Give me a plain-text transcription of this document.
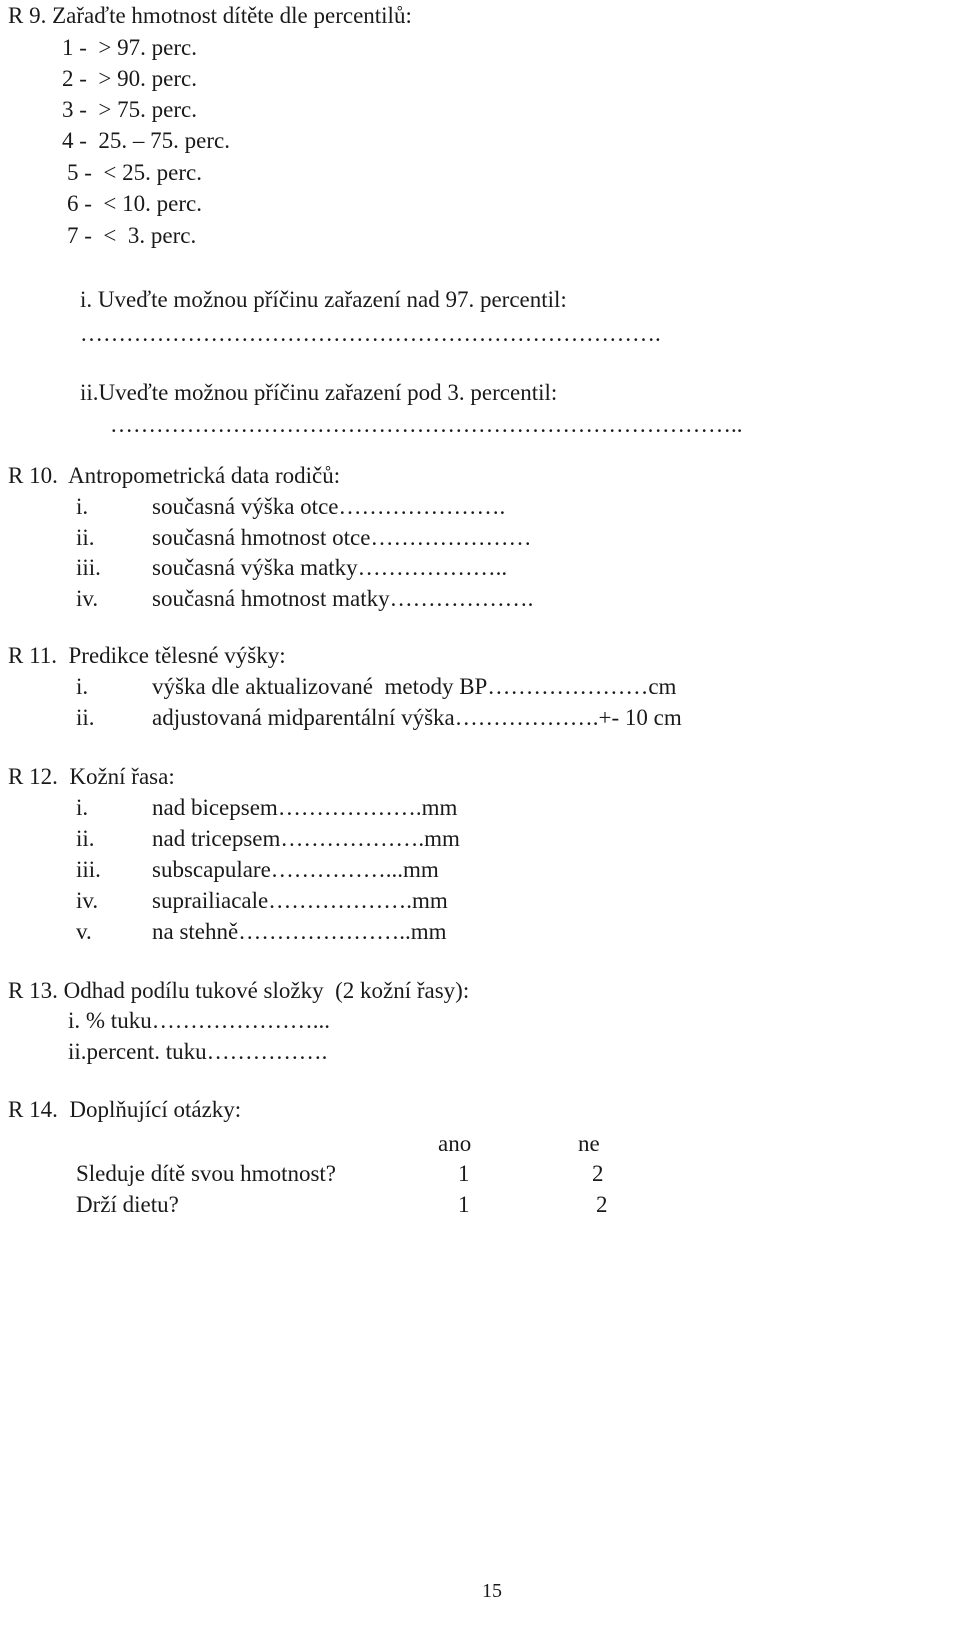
R 9. Zařaďte hmotnost dítěte dle percentilů:
1 -  > 97. perc.
2 -  > 90. perc.
3 -  > 75. perc.
4 -  25. – 75. perc.
5 -  < 25. perc.
6 -  < 10. perc.
7 -  <  3. perc.
i. Uveďte možnou příčinu zařazení nad 97. percentil:
………………………………………………………………….
ii.Uveďte možnou příčinu zařazení pod 3. percentil:
………………………………………………………………………..
R 10.  Antropometrická data rodičů:
i.	současná výška otce………………….
ii. současná hmotnost otce…………………
iii. současná výška matky………………..
iv. současná hmotnost matky……………….
R 11.  Predikce tělesné výšky:
i.	výška dle aktualizované  metody BP…………………cm
ii. adjustovaná midparentální výška……………….+- 10 cm
R 12.  Kožní řasa:
i.	nad bicepsem……………….mm
ii. nad tricepsem……………….mm
iii. subscapulare……………...mm
iv. suprailiacale……………….mm
v.	na stehně…………………..mm
R 13. Odhad podílu tukové složky  (2 kožní řasy):
i. % tuku…………………...
ii.percent. tuku…………….
R 14.  Doplňující otázky:
ano	ne
Sleduje dítě svou hmotnost?	1	2
Drží dietu?	1	2
15
